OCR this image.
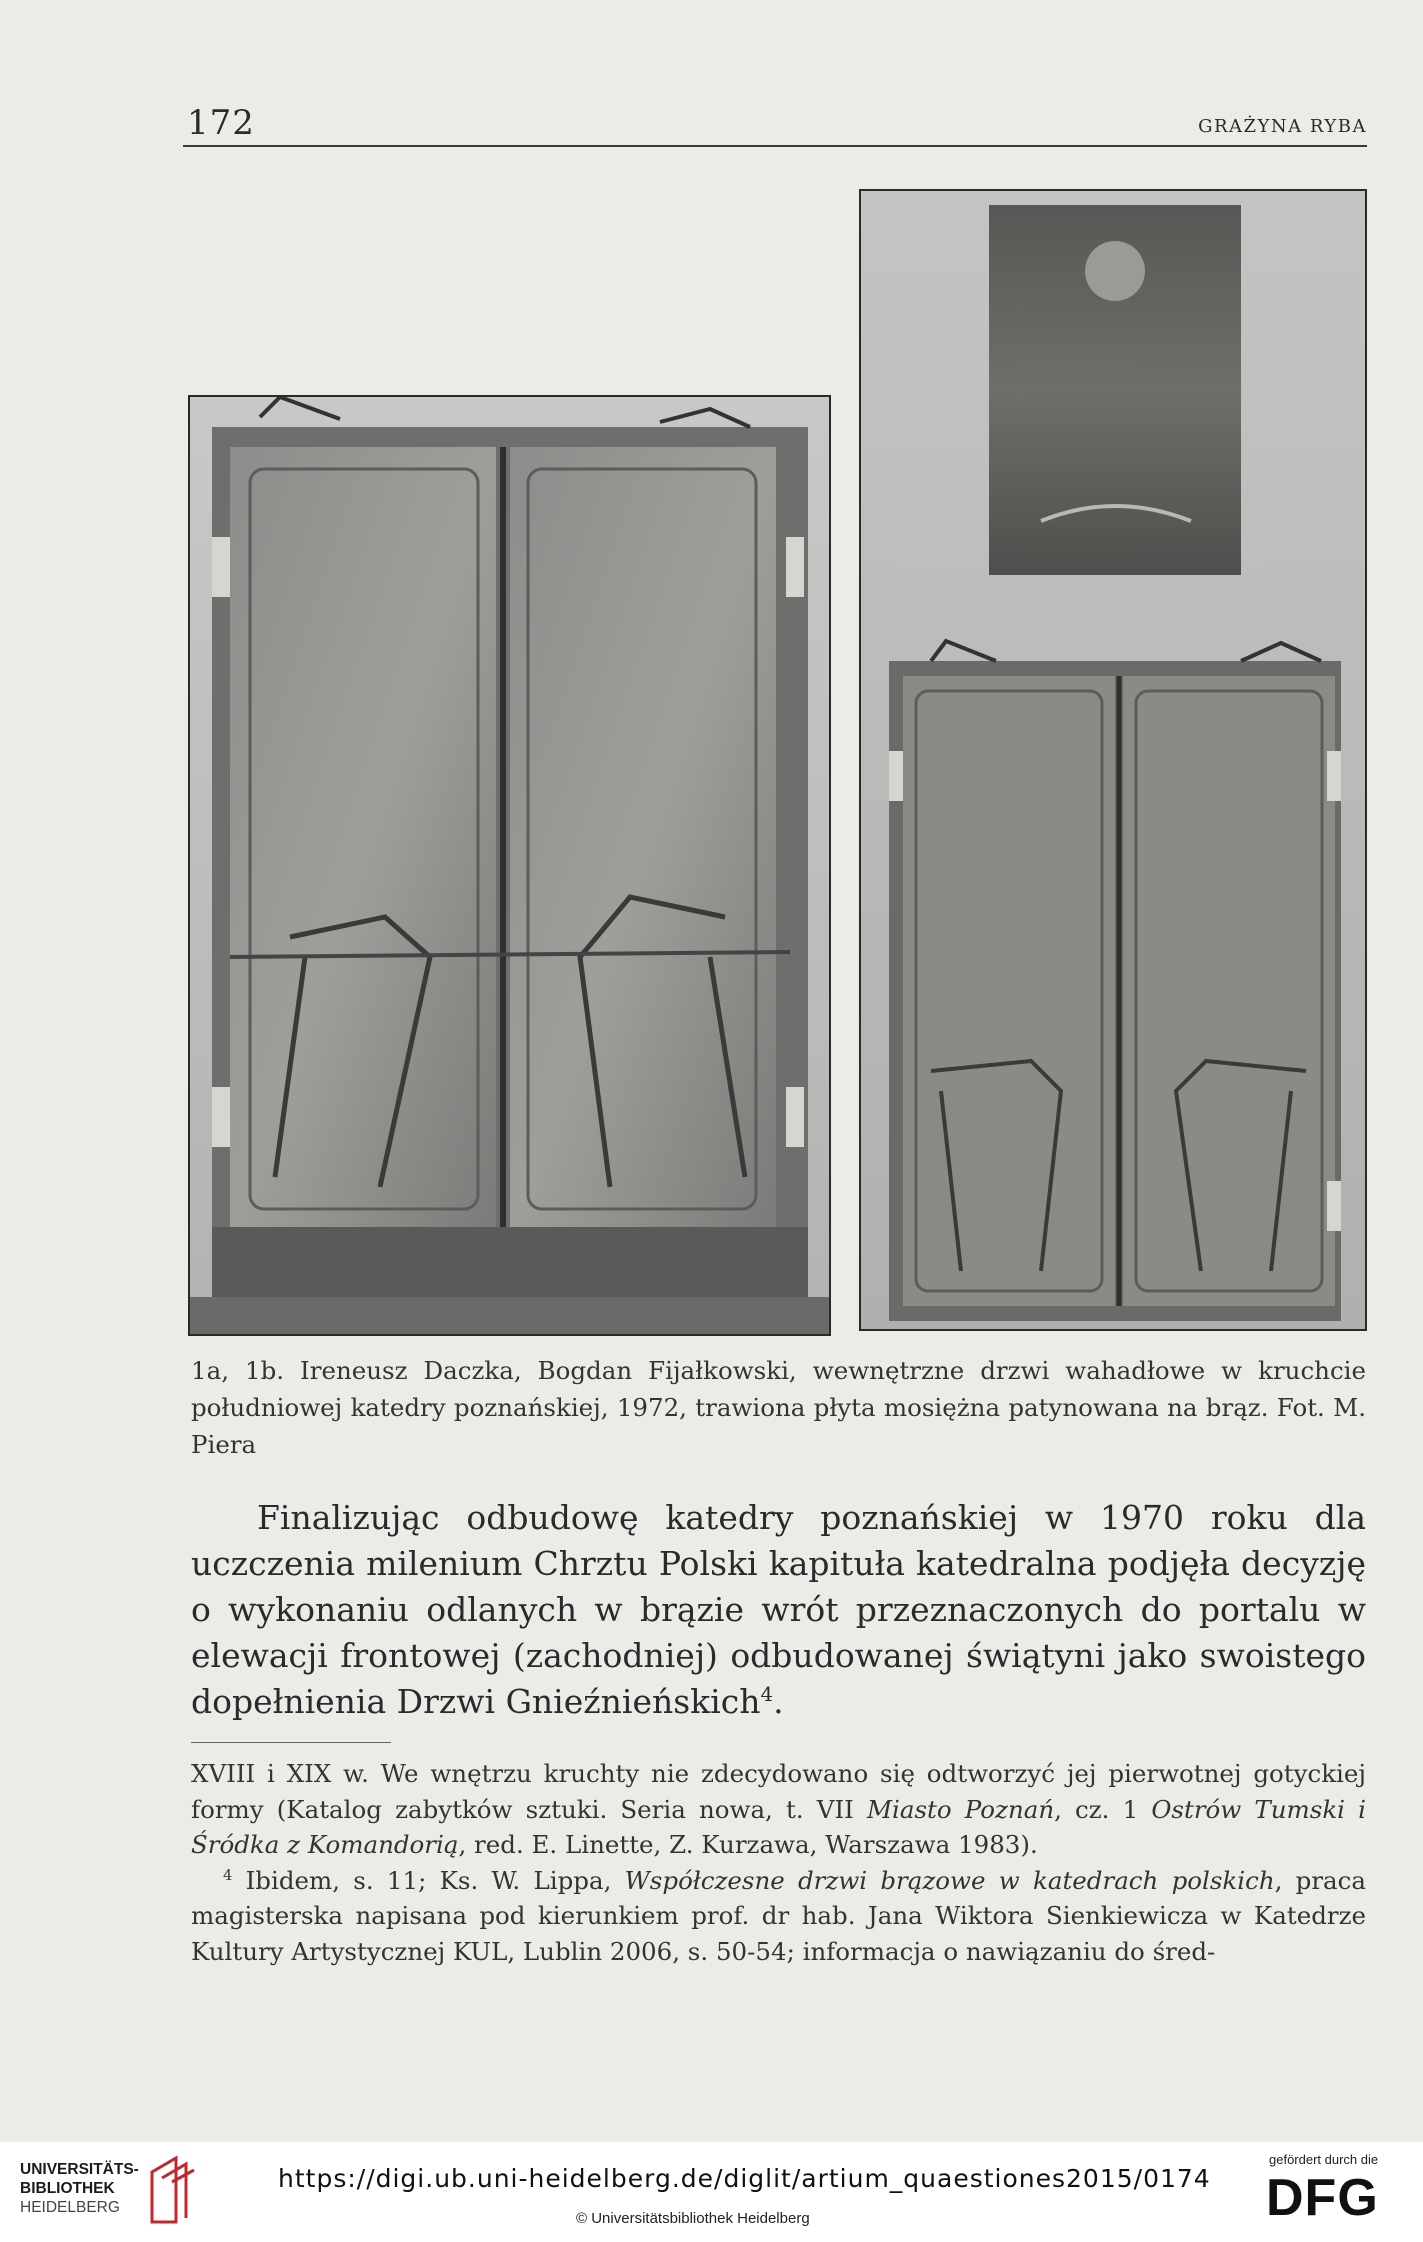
172	GRAŻYNA RYBA
1a, 1b. Ireneusz Daczka, Bogdan Fijałkowski, wewnętrzne drzwi wahadłowe w kruchcie południowej katedry poznańskiej, 1972, trawiona płyta mosiężna patynowana na brąz. Fot. M. Piera
Finalizując odbudowę katedry poznańskiej w 1970 roku dla uczczenia milenium Chrztu Polski kapituła katedralna podjęła decyzję o wykonaniu odlanych w brązie wrót przeznaczonych do portalu w elewacji frontowej (zachodniej) odbudowanej świątyni jako swoistego dopełnienia Drzwi Gnieźnieńskich$^4$.

XVIII i XIX w. We wnętrzu kruchty nie zdecydowano się odtworzyć jej pierwotnej gotyckiej formy (Katalog zabytków sztuki. Seria nowa, t. VII Miasto Poznań, cz. 1 Ostrów Tumski i Śródka z Komandorią, red. E. Linette, Z. Kurzawa, Warszawa 1983).

$^4$ Ibidem, s. 11; Ks. W. Lippa, Współczesne drzwi brązowe w katedrach polskich, praca magisterska napisana pod kierunkiem prof. dr hab. Jana Wiktora Sienkiewicza w Katedrze Kultury Artystycznej KUL, Lublin 2006, s. 50-54; informacja o nawiązaniu do śred-

UNIVERSITÄTS-
BIBLIOTHEK
HEIDELBERG
https://digi.ub.uni-heidelberg.de/diglit/artium_quaestiones2015/0174
© Universitätsbibliothek Heidelberg
gefördert durch die
DFG
